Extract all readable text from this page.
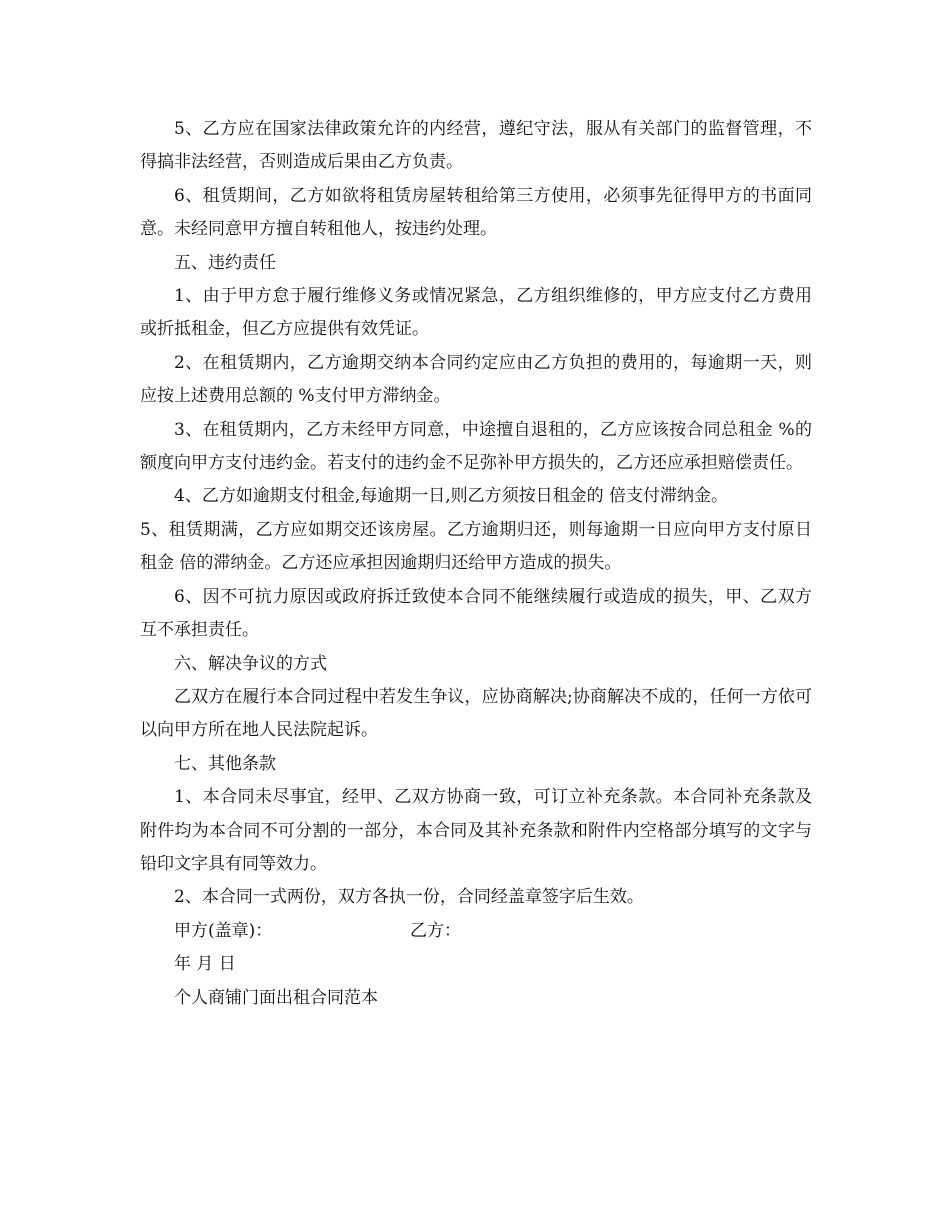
5、乙方应在国家法律政策允许的内经营，遵纪守法，服从有关部门的监督管理，不得搞非法经营，否则造成后果由乙方负责。

6、租赁期间，乙方如欲将租赁房屋转租给第三方使用，必须事先征得甲方的书面同意。未经同意甲方擅自转租他人，按违约处理。

五、违约责任

1、由于甲方怠于履行维修义务或情况紧急，乙方组织维修的，甲方应支付乙方费用或折抵租金，但乙方应提供有效凭证。

2、在租赁期内，乙方逾期交纳本合同约定应由乙方负担的费用的，每逾期一天，则应按上述费用总额的 %支付甲方滞纳金。

3、在租赁期内，乙方未经甲方同意，中途擅自退租的，乙方应该按合同总租金 %的额度向甲方支付违约金。若支付的违约金不足弥补甲方损失的，乙方还应承担赔偿责任。

4、乙方如逾期支付租金,每逾期一日,则乙方须按日租金的 倍支付滞纳金。

5、租赁期满，乙方应如期交还该房屋。乙方逾期归还，则每逾期一日应向甲方支付原日租金 倍的滞纳金。乙方还应承担因逾期归还给甲方造成的损失。

6、因不可抗力原因或政府拆迁致使本合同不能继续履行或造成的损失，甲、乙双方互不承担责任。

六、解决争议的方式

乙双方在履行本合同过程中若发生争议，应协商解决;协商解决不成的，任何一方依可以向甲方所在地人民法院起诉。

七、其他条款

1、本合同未尽事宜，经甲、乙双方协商一致，可订立补充条款。本合同补充条款及附件均为本合同不可分割的一部分，本合同及其补充条款和附件内空格部分填写的文字与铅印文字具有同等效力。

2、本合同一式两份，双方各执一份，合同经盖章签字后生效。

甲方(盖章)：	乙方：

年 月 日

个人商铺门面出租合同范本
